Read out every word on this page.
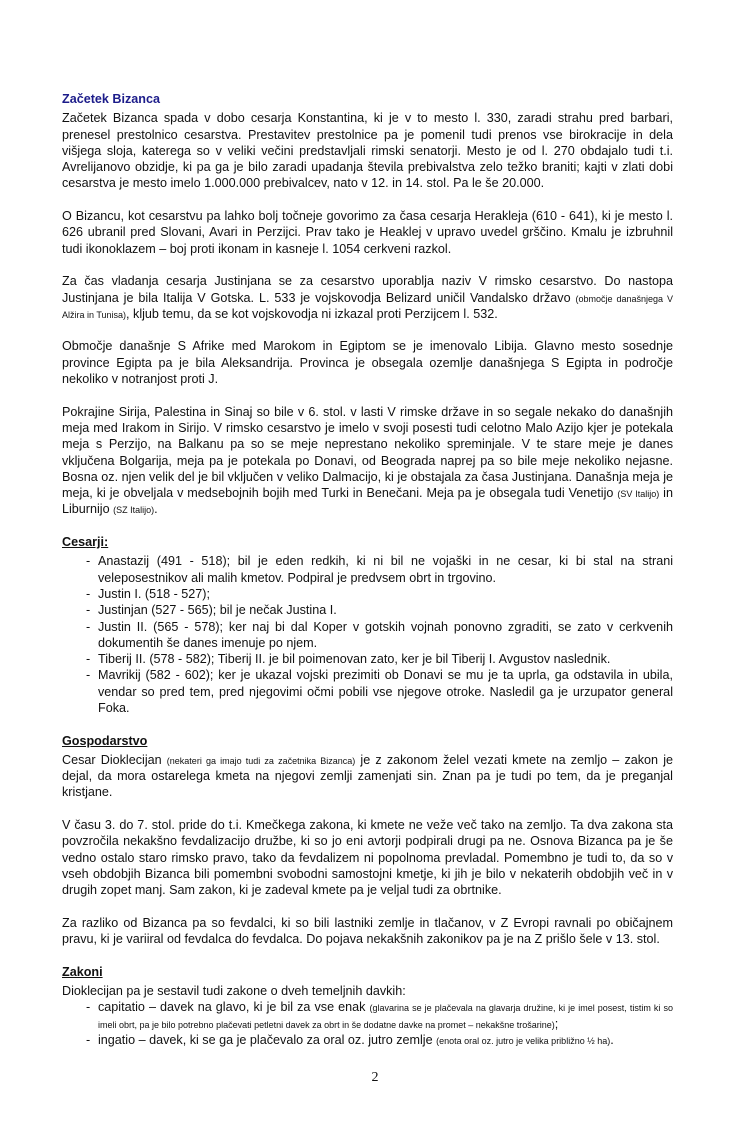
Začetek Bizanca

Začetek Bizanca spada v dobo cesarja Konstantina, ki je v to mesto l. 330, zaradi strahu pred barbari, prenesel prestolnico cesarstva. Prestavitev prestolnice pa je pomenil tudi prenos vse birokracije in dela višjega sloja, katerega so v veliki večini predstavljali rimski senatorji. Mesto je od l. 270 obdajalo tudi t.i. Avrelijanovo obzidje, ki pa ga je bilo zaradi upadanja števila prebivalstva zelo težko braniti; kajti v zlati dobi cesarstva je mesto imelo 1.000.000 prebivalcev, nato v 12. in 14. stol. Pa le še 20.000.

O Bizancu, kot cesarstvu pa lahko bolj točneje govorimo za časa cesarja Herakleja (610 - 641), ki je mesto l. 626 ubranil pred Slovani, Avari in Perzijci. Prav tako je Heaklej v upravo uvedel grščino. Kmalu je izbruhnil tudi ikonoklazem – boj proti ikonam in kasneje l. 1054 cerkveni razkol.

Za čas vladanja cesarja Justinjana se za cesarstvo uporablja naziv V rimsko cesarstvo. Do nastopa Justinjana je bila Italija V Gotska. L. 533 je vojskovodja Belizard uničil Vandalsko državo (območje današnjega V Alžira in Tunisa), kljub temu, da se kot vojskovodja ni izkazal proti Perzijcem l. 532.

Območje današnje S Afrike med Marokom in Egiptom se je imenovalo Libija. Glavno mesto sosednje province Egipta pa je bila Aleksandrija. Provinca je obsegala ozemlje današnjega S Egipta in področje nekoliko v notranjost proti J.

Pokrajine Sirija, Palestina in Sinaj so bile v 6. stol. v lasti V rimske države in so segale nekako do današnjih meja med Irakom in Sirijo. V rimsko cesarstvo je imelo v svoji posesti tudi celotno Malo Azijo kjer je potekala meja s Perzijo, na Balkanu pa so se meje neprestano nekoliko spreminjale. V te stare meje je danes vključena Bolgarija, meja pa je potekala po Donavi, od Beograda naprej pa so bile meje nekoliko nejasne. Bosna oz. njen velik del je bil vključen v veliko Dalmacijo, ki je obstajala za časa Justinjana. Današnja meja je meja, ki je obveljala v medsebojnih bojih med Turki in Benečani. Meja pa je obsegala tudi Venetijo (SV Italijo) in Liburnijo (SZ Italijo).

Cesarji:
- Anastazij (491 - 518); bil je eden redkih, ki ni bil ne vojaški in ne cesar, ki bi stal na strani veleposestnikov ali malih kmetov. Podpiral je predvsem obrt in trgovino.
- Justin I. (518 - 527);
- Justinjan (527 - 565); bil je nečak Justina I.
- Justin II. (565 - 578); ker naj bi dal Koper v gotskih vojnah ponovno zgraditi, se zato v cerkvenih dokumentih še danes imenuje po njem.
- Tiberij II. (578 - 582); Tiberij II. je bil poimenovan zato, ker je bil Tiberij I. Avgustov naslednik.
- Mavrikij (582 - 602); ker je ukazal vojski prezimiti ob Donavi se mu je ta uprla, ga odstavila in ubila, vendar so pred tem, pred njegovimi očmi pobili vse njegove otroke. Nasledil ga je urzupator general Foka.
Gospodarstvo

Cesar Dioklecijan (nekateri ga imajo tudi za začetnika Bizanca) je z zakonom želel vezati kmete na zemljo – zakon je dejal, da mora ostarelega kmeta na njegovi zemlji zamenjati sin. Znan pa je tudi po tem, da je preganjal kristjane.

V času 3. do 7. stol. pride do t.i. Kmečkega zakona, ki kmete ne veže več tako na zemljo. Ta dva zakona sta povzročila nekakšno fevdalizacijo družbe, ki so jo eni avtorji podpirali drugi pa ne. Osnova Bizanca pa je še vedno ostalo staro rimsko pravo, tako da fevdalizem ni popolnoma prevladal. Pomembno je tudi to, da so v vseh obdobjih Bizanca bili pomembni svobodni samostojni kmetje, ki jih je bilo v nekaterih obdobjih več in v drugih zopet manj. Sam zakon, ki je zadeval kmete pa je veljal tudi za obrtnike.

Za razliko od Bizanca pa so fevdalci, ki so bili lastniki zemlje in tlačanov, v Z Evropi ravnali po običajnem pravu, ki je variiral od fevdalca do fevdalca. Do pojava nekakšnih zakonikov pa je na Z prišlo šele v 13. stol.

Zakoni
Dioklecijan pa je sestavil tudi zakone o dveh temeljnih davkih:
- capitatio – davek na glavo, ki je bil za vse enak (glavarina se je plačevala na glavarja družine, ki je imel posest, tistim ki so imeli obrt, pa je bilo potrebno plačevati petletni davek za obrt in še dodatne davke na promet – nekakšne trošarine);
- ingatio – davek, ki se ga je plačevalo za oral oz. jutro zemlje (enota oral oz. jutro je velika približno ½ ha).
2
